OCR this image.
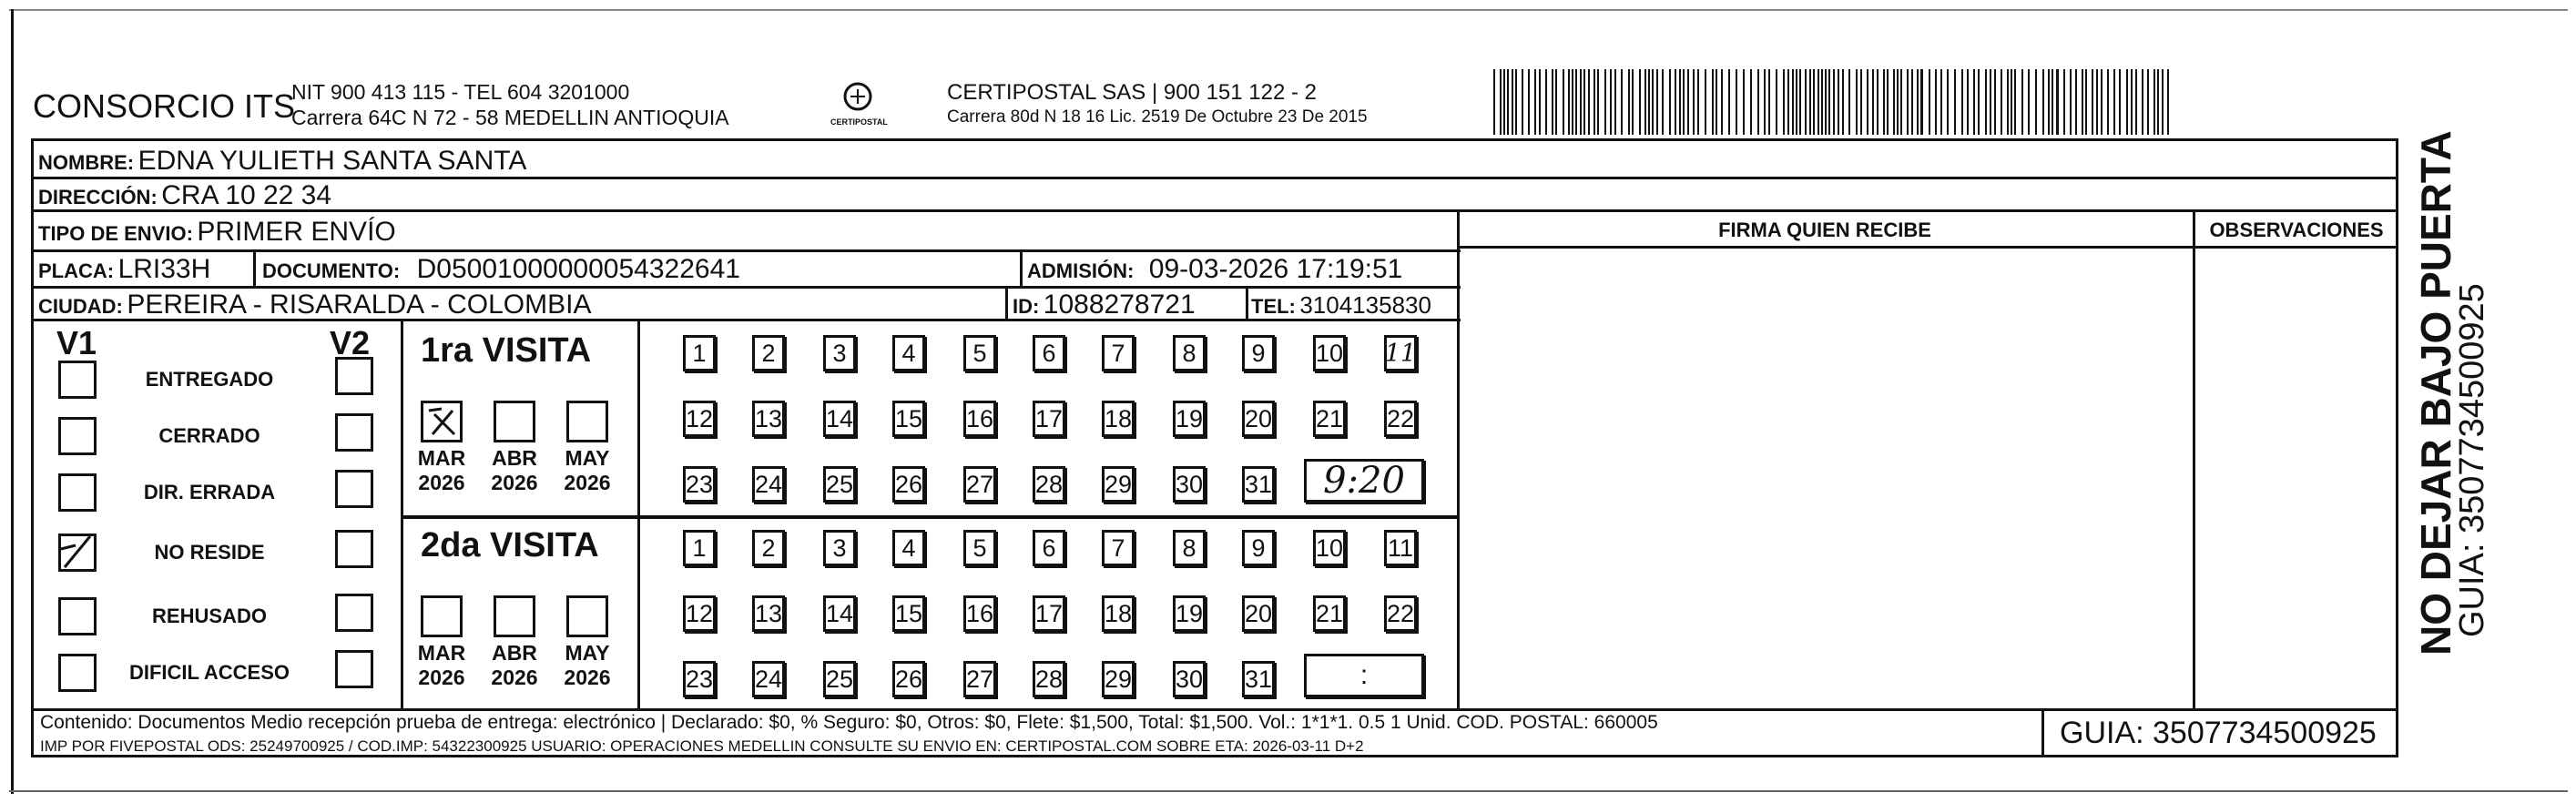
CONSORCIO ITS
NIT 900 413 115 - TEL 604 3201000
Carrera 64C N 72 - 58 MEDELLIN ANTIOQUIA	CERTIPOSTAL
CERTIPOSTAL SAS | 900 151 122 - 2
Carrera 80d N 18 16 Lic. 2519 De Octubre 23 De 2015
NOMBRE: EDNA YULIETH SANTA SANTA
DIRECCIÓN: CRA 10 22 34
TIPO DE ENVIO: PRIMER ENVÍO
PLACA: LRI33H	DOCUMENTO: D05001000000054322641	ADMISIÓN: 09-03-2026 17:19:51
CIUDAD: PEREIRA - RISARALDA - COLOMBIA	ID: 1088278721	TEL: 3104135830
FIRMA QUIEN RECIBE	OBSERVACIONES
V1	V2
ENTREGADO
CERRADO
DIR. ERRADA
NO RESIDE
REHUSADO
DIFICIL ACCESO
1ra VISITA
MAR
2026
ABR
2026
MAY
2026
1	2	3	4	5	6	7	8	9	10 11
12 13 14 15 16 17 18 19 20 21 22
23 24 25 26 27 28 29 30 31	9:20
2da VISITA
MAR
2026
ABR
2026
MAY
2026
1	2	3	4	5	6	7	8	9	10 11
12 13 14 15 16 17 18 19 20 21 22
23 24 25 26 27 28 29 30 31	:
Contenido: Documentos Medio recepción prueba de entrega: electrónico | Declarado: $0, % Seguro: $0, Otros: $0, Flete: $1,500, Total: $1,500. Vol.: 1*1*1. 0.5 1 Unid. COD. POSTAL: 660005
IMP POR FIVEPOSTAL ODS: 25249700925 / COD.IMP: 54322300925 USUARIO: OPERACIONES MEDELLIN CONSULTE SU ENVIO EN: CERTIPOSTAL.COM SOBRE ETA: 2026-03-11 D+2	GUIA: 3507734500925
NO DEJAR BAJO PUERTA
GUIA: 3507734500925
